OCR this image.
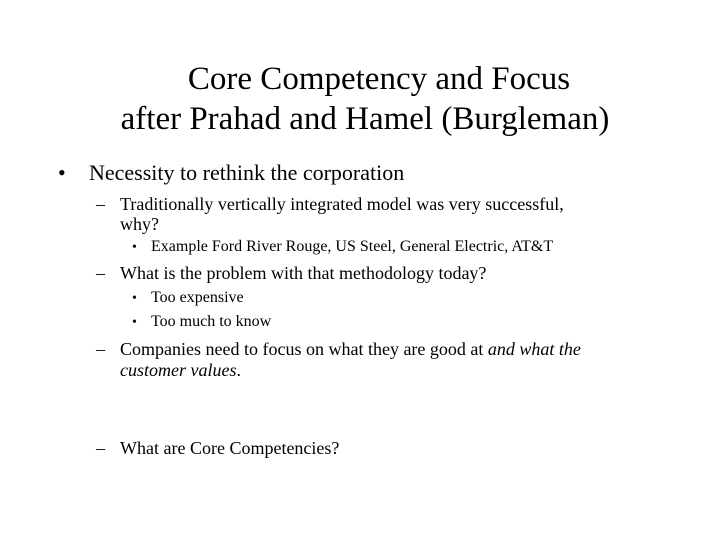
Core Competency and Focus
after Prahad and Hamel (Burgleman)
• Necessity to rethink the corporation
– Traditionally vertically integrated model was very successful,
why?
• Example Ford River Rouge, US Steel, General Electric, AT&T
– What is the problem with that methodology today?
• Too expensive
• Too much to know
– Companies need to focus on what they are good at and what the
customer values.
– What are Core Competencies?
